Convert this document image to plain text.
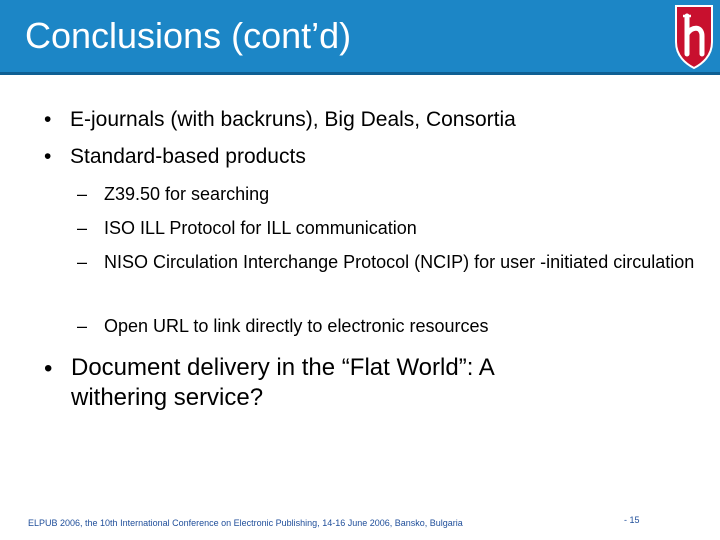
Conclusions (cont’d)
• E-journals (with backruns), Big Deals, Consortia
• Standard-based products
– Z39.50 for searching
– ISO ILL Protocol for ILL communication
– NISO Circulation Interchange Protocol (NCIP) for user -initiated circulation
– Open URL to link directly to electronic resources
• Document delivery in the “Flat World”: A withering service?
ELPUB 2006, the 10th International Conference on Electronic Publishing, 14-16 June 2006, Bansko, Bulgaria	- 15
